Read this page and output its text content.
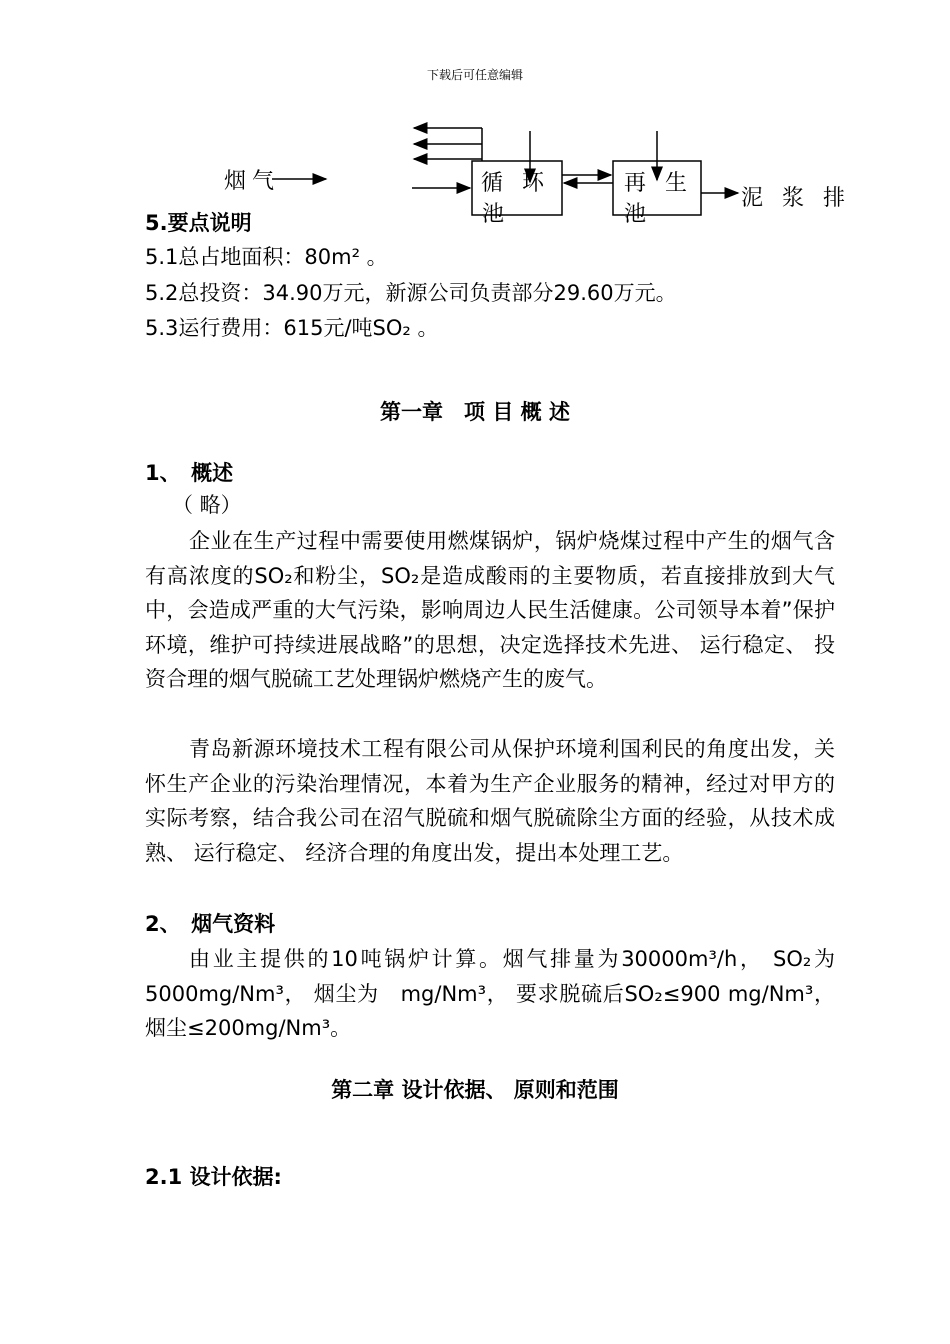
下载后可任意编辑
烟气	循 环
池
再 生
池
泥 浆 排
5.要点说明
5.1总占地面积：80m² 。
5.2总投资：34.90万元，新源公司负责部分29.60万元。
5.3运行费用：615元/吨SO₂ 。
第一章　项 目 概 述
1、　概述
（ 略）
企业在生产过程中需要使用燃煤锅炉，锅炉烧煤过程中产生的烟气含有高浓度的SO₂和粉尘，SO₂是造成酸雨的主要物质，若直接排放到大气中，会造成严重的大气污染，影响周边人民生活健康。公司领导本着”保护环境，维护可持续进展战略”的思想，决定选择技术先进、 运行稳定、 投资合理的烟气脱硫工艺处理锅炉燃烧产生的废气。
青岛新源环境技术工程有限公司从保护环境利国利民的角度出发，关怀生产企业的污染治理情况，本着为生产企业服务的精神，经过对甲方的实际考察，结合我公司在沼气脱硫和烟气脱硫除尘方面的经验，从技术成熟、 运行稳定、 经济合理的角度出发，提出本处理工艺。
2、　烟气资料
由业主提供的10吨锅炉计算。烟气排量为30000m³/h， SO₂为5000mg/Nm³， 烟尘为　mg/Nm³， 要求脱硫后SO₂≤900 mg/Nm³， 烟尘≤200mg/Nm³。
第二章 设计依据、 原则和范围
2.1 设计依据:
